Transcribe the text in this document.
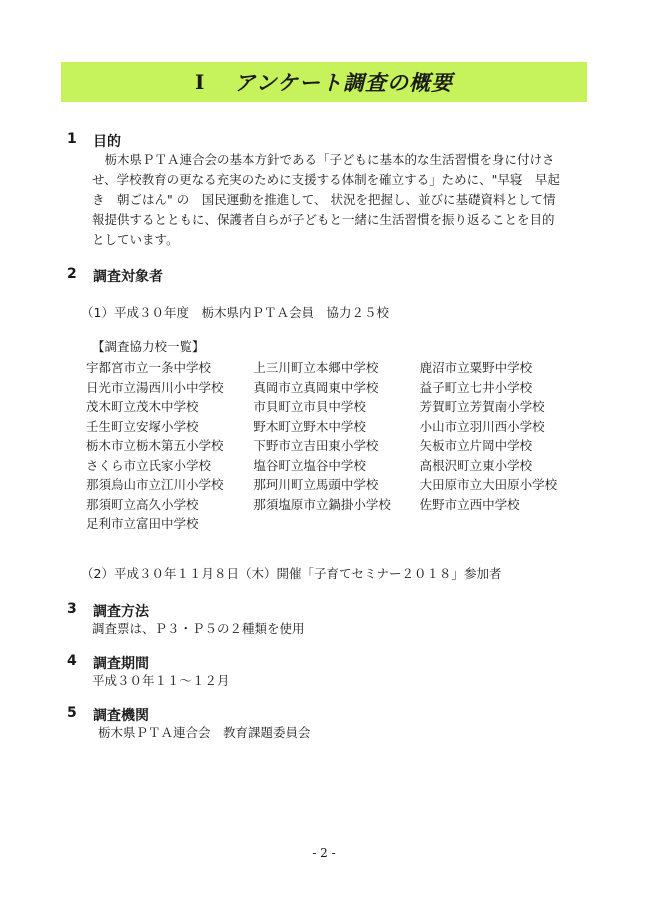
Ⅰ アンケート調査の概要
1	目的

　栃木県ＰＴＡ連合会の基本方針である「子どもに基本的な生活習慣を身に付けさ

せ、学校教育の更なる充実のために支援する体制を確立する」ために、"早寝　早起

き　朝ごはん" の　国民運動を推進して、 状況を把握し、並びに基礎資料として情

報提供するとともに、保護者自らが子どもと一緒に生活習慣を振り返ることを目的

としています。

2	調査対象者
（1）平成３０年度　栃木県内ＰＴＡ会員　協力２５校
【調査協力校一覧】
宇都宮市立一条中学校	上三川町立本郷中学校	鹿沼市立粟野中学校
日光市立湯西川小中学校	真岡市立真岡東中学校	益子町立七井小学校
茂木町立茂木中学校	市貝町立市貝中学校	芳賀町立芳賀南小学校
壬生町立安塚小学校	野木町立野木中学校	小山市立羽川西小学校
栃木市立栃木第五小学校	下野市立吉田東小学校	矢板市立片岡中学校
さくら市立氏家小学校	塩谷町立塩谷中学校	高根沢町立東小学校
那須烏山市立江川小学校	那珂川町立馬頭中学校	大田原市立大田原小学校
那須町立高久小学校	那須塩原市立鍋掛小学校	佐野市立西中学校
足利市立富田中学校
（2）平成３０年１１月８日（木）開催「子育てセミナー２０１８」参加者
3	調査方法
調査票は、Ｐ３・Ｐ５の２種類を使用
4	調査期間
平成３０年１１～１２月
5	調査機関
栃木県ＰＴＡ連合会　教育課題委員会
- 2 -
